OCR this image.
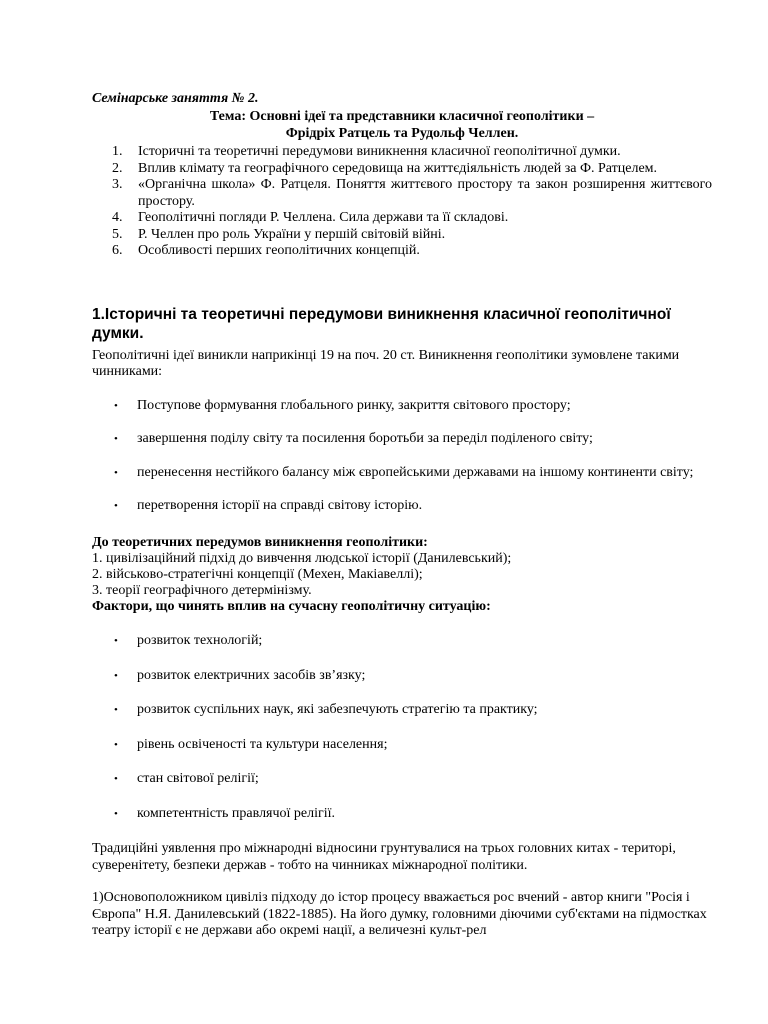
Семінарське заняття № 2.
Тема: Основні ідеї та представники класичної геополітики –
Фрідріх Ратцель та Рудольф Челлен.
1. Історичні та теоретичні передумови виникнення класичної геополітичної думки.
2. Вплив клімату та географічного середовища на життєдіяльність людей за Ф. Ратцелем.
3. «Органічна школа» Ф. Ратцеля. Поняття життєвого простору та закон розширення життєвого простору.
4. Геополітичні погляди Р. Челлена. Сила держави та її складові.
5. Р. Челлен про роль України у першій світовій війні.
6. Особливості перших геополітичних концепцій.
1.Історичні та теоретичні передумови виникнення класичної геополітичної думки.

Геополітичні ідеї виникли наприкінці 19 на поч. 20 ст. Виникнення геополітики зумовлене такими чинниками:

• Поступове формування глобального ринку, закриття світового простору;
• завершення поділу світу та посилення боротьби за переділ поділеного світу;
• перенесення нестійкого балансу між європейськими державами на іншому континенти світу;
• перетворення історії на справді світову історію.

До теоретичних передумов виникнення геополітики:

1. цивілізаційний підхід до вивчення людської історії (Данилевський);

2. військово-стратегічні концепції (Мехен, Макіавеллі);

3. теорії географічного детермінізму.

Фактори, що чинять вплив на сучасну геополітичну ситуацію:

• розвиток технологій;
• розвиток електричних засобів зв’язку;
• розвиток суспільних наук, які забезпечують стратегію та практику;
• рівень освіченості та культури населення;
• стан світової релігії;
• компетентність правлячої релігії.

Традиційні уявлення про міжнародні відносини грунтувалися на трьох головних китах - територі, суверенітету, безпеки держав - тобто на чинниках міжнародної політики.

1)Основоположником цивіліз підходу до істор процесу вважається рос вчений - автор книги "Росія і Європа" Н.Я. Данилевський (1822-1885). На його думку, головними діючими суб'єктами на підмостках театру історії є не держави або окремі нації, а величезні культ-рел
